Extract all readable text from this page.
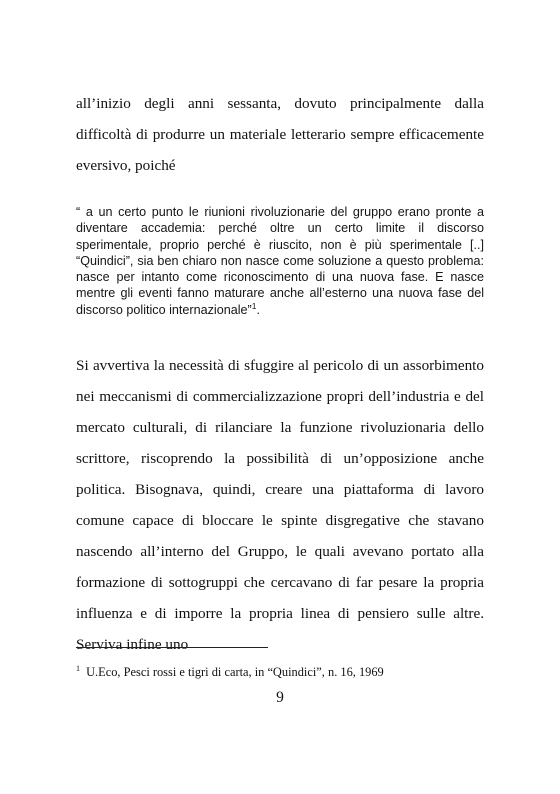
all’inizio degli anni sessanta, dovuto principalmente dalla difficoltà di produrre un materiale letterario sempre efficacemente eversivo, poiché

“ a un certo punto le riunioni rivoluzionarie del gruppo erano pronte a diventare accademia: perché oltre un certo limite il discorso sperimentale, proprio perché è riuscito, non è più sperimentale [..] “Quindici”, sia ben chiaro non nasce come soluzione a questo problema: nasce per intanto come riconoscimento di una nuova fase. E nasce mentre gli eventi fanno maturare anche all’esterno una nuova fase del discorso politico internazionale”$^1$.

Si avvertiva la necessità di sfuggire al pericolo di un assorbimento nei meccanismi di commercializzazione propri dell’industria e del mercato culturali, di rilanciare la funzione rivoluzionaria dello scrittore, riscoprendo la possibilità di un’opposizione anche politica. Bisognava, quindi, creare una piattaforma di lavoro comune capace di bloccare le spinte disgregative che stavano nascendo all’interno del Gruppo, le quali avevano portato alla formazione di sottogruppi che cercavano di far pesare la propria influenza e di imporre la propria linea di pensiero sulle altre. Serviva infine uno

$^1$ U.Eco, Pesci rossi e tigri di carta, in “Quindici”, n. 16, 1969

9
